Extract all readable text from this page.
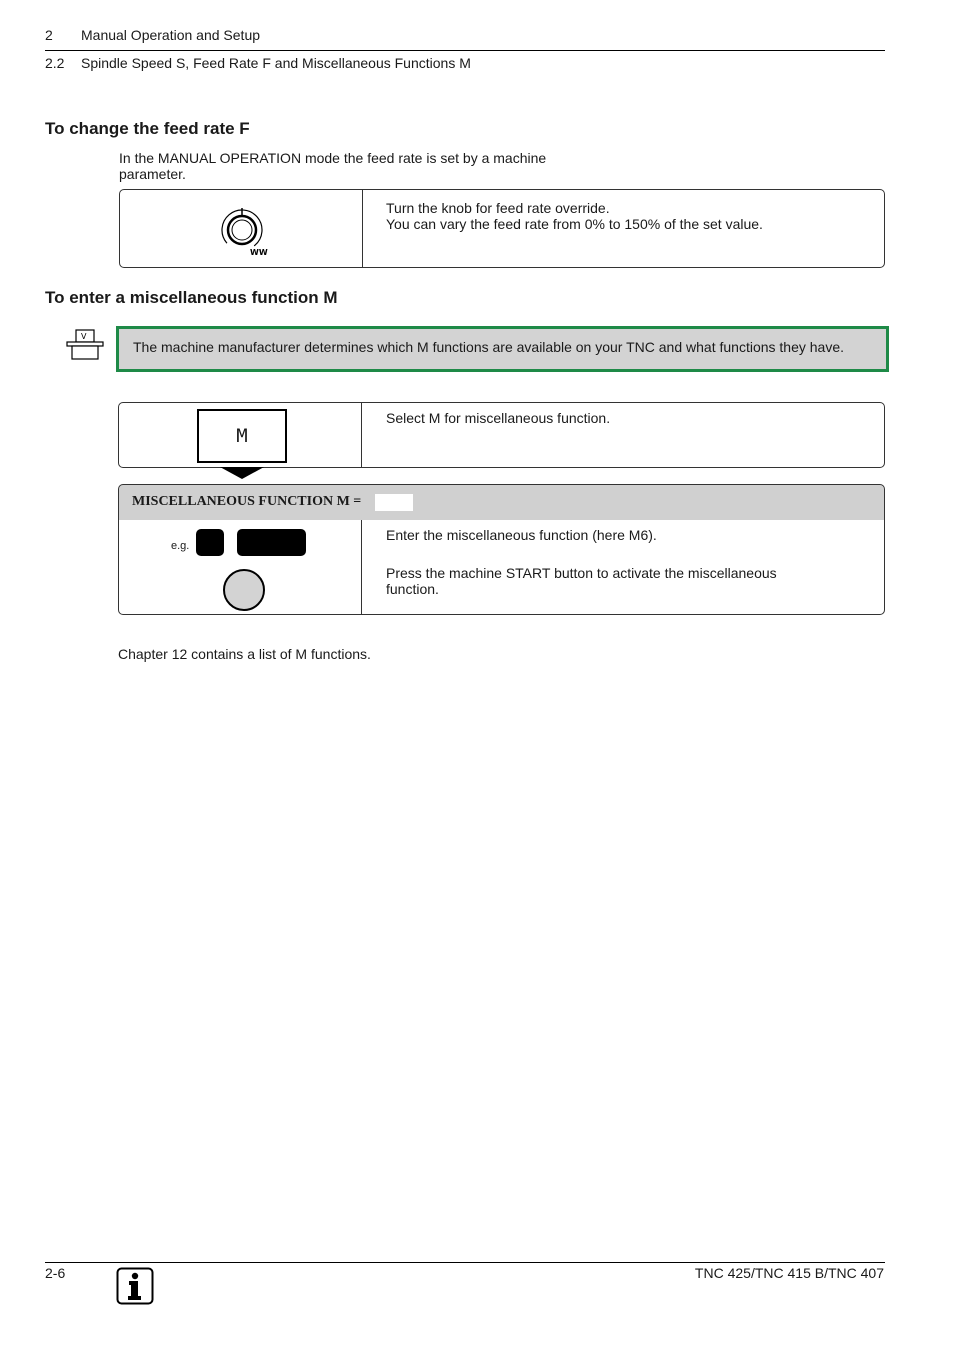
2 Manual Operation and Setup
2.2 Spindle Speed S, Feed Rate F and Miscellaneous Functions M
To change the feed rate F
In the MANUAL OPERATION mode the feed rate is set by a machine
parameter.
WW
Turn the knob for feed rate override.
You can vary the feed rate from 0% to 150% of the set value.
To enter a miscellaneous function M
V
The machine manufacturer determines which M functions are available on your TNC and what functions they have.
Select M for miscellaneous function.
M
MISCELLANEOUS FUNCTION M =
e.g.
Enter the miscellaneous function (here M6).
Press the machine START button to activate the miscellaneous
function.
Chapter 12 contains a list of M functions.
2-6	TNC 425/TNC 415 B/TNC 407
